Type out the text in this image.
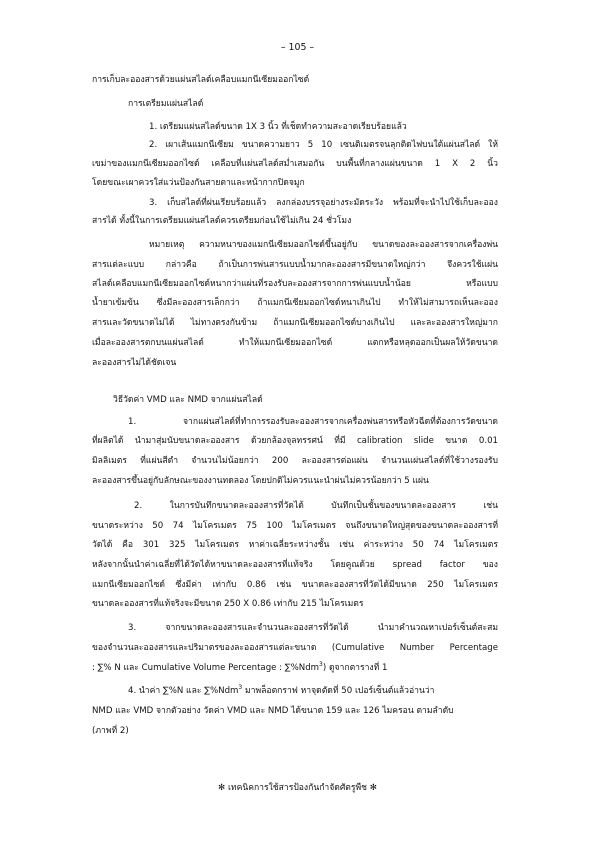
– 105 –
การเก็บละอองสารด้วยแผ่นสไลด์เคลือบแมกนีเซียมออกไซด์
การเตรียมแผ่นสไลด์
1. เตรียมแผ่นสไลด์ขนาด 1X 3 นิ้ว ที่เช็ดทำความสะอาดเรียบร้อยแล้ว
2. เผาเส้นแมกนีเซียม ขนาดความยาว 5 10 เซนติเมตรจนลุกติดไฟบนใต้แผ่นสไลด์ ให้
เขม่าของแมกนีเซียมออกไซด์ เคลือบที่แผ่นสไลด์สม่ำเสมอกัน บนพื้นที่กลางแผ่นขนาด 1 X 2 นิ้ว
โดยขณะเผาควรใส่แว่นป้องกันสายตาและหน้ากากปิดจมูก
3. เก็บสไลด์ที่ผ่นเรียบร้อยแล้ว ลงกล่องบรรจุอย่างระมัดระวัง พร้อมที่จะนำไปใช้เก็บละออง
สารได้ ทั้งนี้ในการเตรียมแผ่นสไลด์ควรเตรียมก่อนใช้ไม่เกิน 24 ชั่วโมง
หมายเหตุ ความหนาของแมกนีเซียมออกไซด์ขึ้นอยู่กับ ขนาดของละอองสารจากเครื่องพ่น
สารแต่ละแบบ กล่าวคือ ถ้าเป็นการพ่นสารแบบน้ำมากละอองสารมีขนาดใหญ่กว่า จึงควรใช้แผ่น
สไลด์เคลือบแมกนีเซียมออกไซด์หนากว่าแผ่นที่รองรับละอองสารจากการพ่นแบบน้ำน้อย หรือแบบ
น้ำยาเข้มข้น ซึ่งมีละอองสารเล็กกว่า ถ้าแมกนีเซียมออกไซด์หนาเกินไป ทำให้ไม่สามารถเห็นละออง
สารและวัดขนาดไม่ได้ ไม่ทางตรงกันข้าม ถ้าแมกนีเซียมออกไซด์บางเกินไป และละอองสารใหญ่มาก
เมื่อละอองสารตกบนแผ่นสไลด์ ทำให้แมกนีเซียมออกไซด์ แตกหรือหลุดออกเป็นผลให้วัดขนาด
ละอองสารไม่ได้ชัดเจน
วิธีวัดค่า VMD และ NMD จากแผ่นสไลด์
1. จากแผ่นสไลด์ที่ทำการรองรับละอองสารจากเครื่องพ่นสารหรือหัวฉีดที่ต้องการวัดขนาด
ที่ผลิตได้ นำมาสุ่มนับขนาดละอองสาร ด้วยกล้องจุลทรรศน์ ที่มี calibration slide ขนาด 0.01
มิลลิเมตร ที่แผ่นสีดำ จำนวนไม่น้อยกว่า 200 ละอองสารต่อแผ่น จำนวนแผ่นสไลด์ที่ใช้วางรองรับ
ละอองสารขึ้นอยู่กับลักษณะของงานทดลอง โดยปกติไม่ควรแนะนำผ่นไม่ควรน้อยกว่า 5 แผ่น
2. ในการบันทึกขนาดละอองสารที่วัดได้ บันทึกเป็นชั้นของขนาดละอองสาร เช่น
ขนาดระหว่าง 50 74 ไมโครเมตร 75 100 ไมโครเมตร จนถึงขนาดใหญ่สุดของขนาดละอองสารที่
วัดได้ คือ 301 325 ไมโครเมตร หาค่าเฉลี่ยระหว่างชั้น เช่น ค่าระหว่าง 50 74 ไมโครเมตร
หลังจากนั้นนำค่าเฉลี่ยที่ได้วัดได้หาขนาดละอองสารที่แท้จริง โดยคูณด้วย spread factor ของ
แมกนีเซียมออกไซด์ ซึ่งมีค่า เท่ากับ 0.86 เช่น ขนาดละอองสารที่วัดได้มีขนาด 250 ไมโครเมตร
ขนาดละอองสารที่แท้จริงจะมีขนาด 250 X 0.86 เท่ากับ 215 ไมโครเมตร
3. จากขนาดละอองสารและจำนวนละอองสารที่วัดได้ นำมาคำนวณหาเปอร์เซ็นต์สะสม
ของจำนวนละอองสารและปริมาตรของละอองสารแต่ละขนาด (Cumulative Number Percentage
: ∑% N และ Cumulative Volume Percentage : ∑%Ndm$^3$) ดูจากตารางที่ 1
4. นำค่า ∑%N และ ∑%Ndm$^3$ มาพล็อตกราฟ หาจุดตัดที่ 50 เปอร์เซ็นต์แล้วอ่านว่า
NMD และ VMD จากตัวอย่าง วัดค่า VMD และ NMD ได้ขนาด 159 และ 126 ไมครอน ตามลำดับ
(ภาพที่ 2)
✻ เทคนิคการใช้สารป้องกันกำจัดศัตรูพืช ✻
